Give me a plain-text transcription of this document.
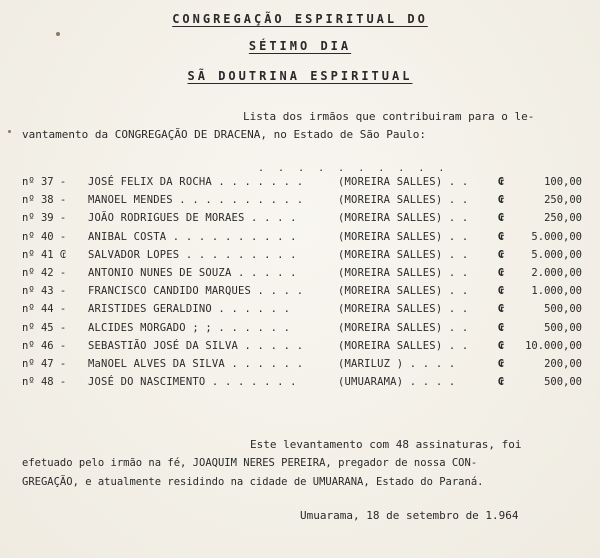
CONGREGAÇÃO ESPIRITUAL DO
SÉTIMO DIA
SÃ DOUTRINA ESPIRITUAL
Lista dos irmãos que contribuiram para o le-
vantamento da CONGREGAÇÃO DE DRACENA, no Estado de São Paulo:
. . . . . . . . . .
nº 37 - JOSÉ FELIX DA ROCHA . . . . . . .	(MOREIRA SALLES) . .	₢	100,00
nº 38 - MANOEL MENDES . . . . . . . . . .	(MOREIRA SALLES) . .	₢	250,00
nº 39 - JOÃO RODRIGUES DE MORAES . . . .	(MOREIRA SALLES) . .	₢	250,00
nº 40 - ANIBAL COSTA . . . . . . . . . .	(MOREIRA SALLES) . .	₢	5.000,00
nº 41 ₢ SALVADOR LOPES . . . . . . . . .	(MOREIRA SALLES) . .	₢	5.000,00
nº 42 - ANTONIO NUNES DE SOUZA . . . . .	(MOREIRA SALLES) . .	₢	2.000,00
nº 43 - FRANCISCO CANDIDO MARQUES . . . .	(MOREIRA SALLES) . .	₢	1.000,00
nº 44 - ARISTIDES GERALDINO . . . . . .	(MOREIRA SALLES) . .	₢	500,00
nº 45 - ALCIDES MORGADO ; ; . . . . . .	(MOREIRA SALLES) . .	₢	500,00
nº 46 - SEBASTIÃO JOSÉ DA SILVA . . . . .	(MOREIRA SALLES) . .	₢ 10.000,00
nº 47 - MaNOEL ALVES DA SILVA . . . . . .	(MARILUZ ) . . . .	₢	200,00
nº 48 - JOSÉ DO NASCIMENTO . . . . . . .	(UMUARAMA) . . . .	₢	500,00
Este levantamento com 48 assinaturas, foi
efetuado pelo irmão na fé, JOAQUIM NERES PEREIRA, pregador de nossa CON-
GREGAÇÃO, e atualmente residindo na cidade de UMUARANA, Estado do Paraná.
Umuarama, 18 de setembro de 1.964
